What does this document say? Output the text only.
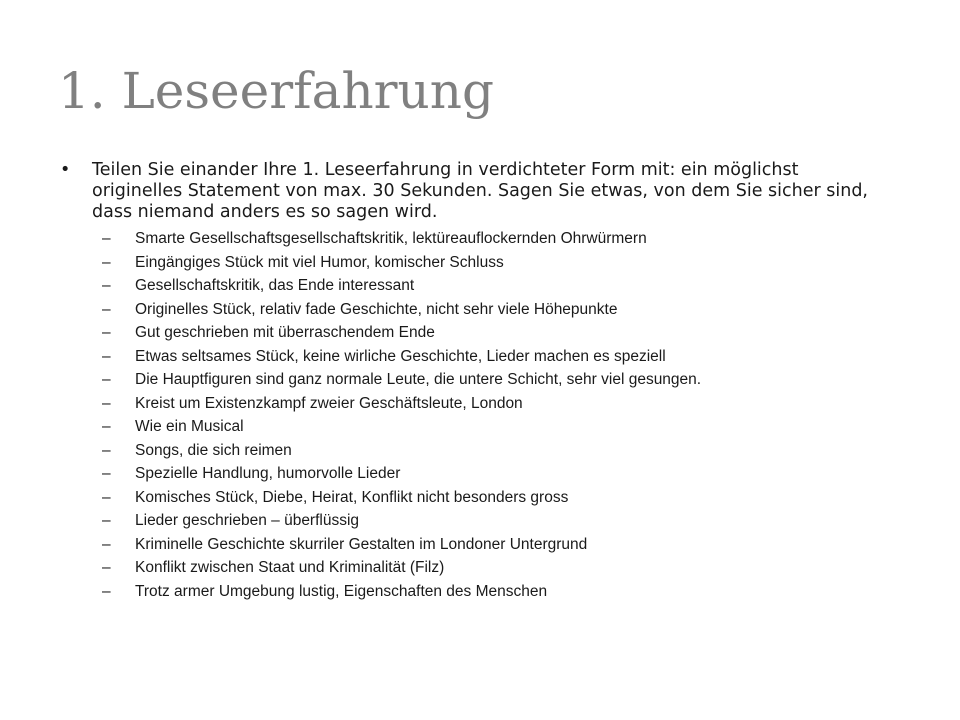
1. Leseerfahrung
• Teilen Sie einander Ihre 1. Leseerfahrung in verdichteter Form mit: ein möglichst originelles Statement von max. 30 Sekunden. Sagen Sie etwas, von dem Sie sicher sind, dass niemand anders es so sagen wird.
– Smarte Gesellschaftsgesellschaftskritik, lektüreauflockernden Ohrwürmern
– Eingängiges Stück mit viel Humor, komischer Schluss
– Gesellschaftskritik, das Ende interessant
– Originelles Stück, relativ fade Geschichte, nicht sehr viele Höhepunkte
– Gut geschrieben mit überraschendem Ende
– Etwas seltsames Stück, keine wirliche Geschichte, Lieder machen es speziell
– Die Hauptfiguren sind ganz normale Leute, die untere Schicht, sehr viel gesungen.
– Kreist um Existenzkampf zweier Geschäftsleute, London
– Wie ein Musical
– Songs, die sich reimen
– Spezielle Handlung, humorvolle Lieder
– Komisches Stück, Diebe, Heirat, Konflikt nicht besonders gross
– Lieder geschrieben – überflüssig
– Kriminelle Geschichte skurriler Gestalten im Londoner Untergrund
– Konflikt zwischen Staat und Kriminalität (Filz)
– Trotz armer Umgebung lustig, Eigenschaften des Menschen
